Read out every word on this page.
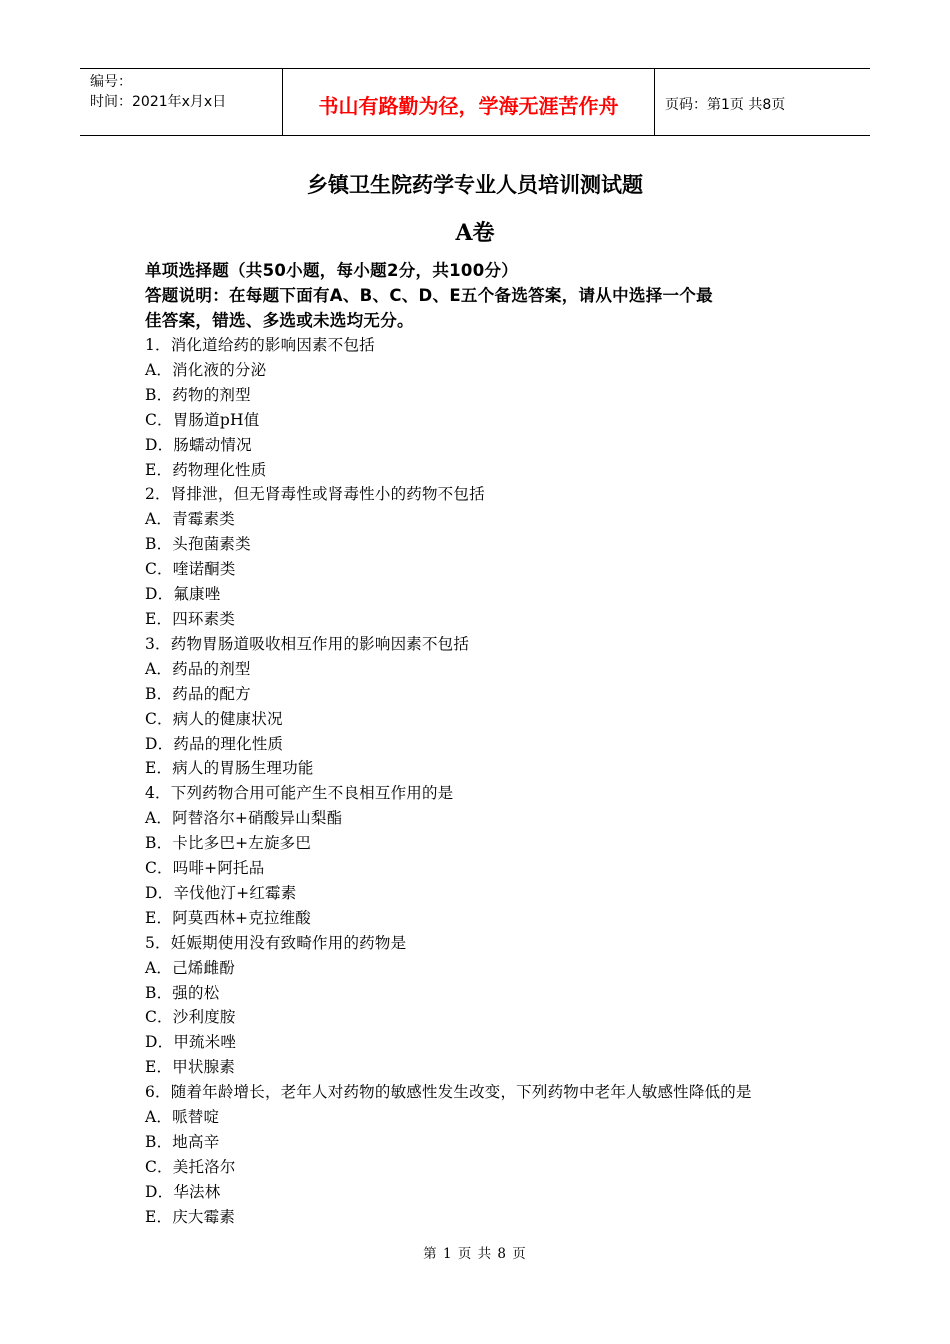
编号：
时间：2021年x月x日	书山有路勤为径，学海无涯苦作舟	页码：第1页 共8页
乡镇卫生院药学专业人员培训测试题
A卷
单项选择题（共50小题，每小题2分，共100分）
答题说明：在每题下面有A、B、C、D、E五个备选答案，请从中选择一个最
佳答案，错选、多选或未选均无分。
1．消化道给药的影响因素不包括
A．消化液的分泌
B．药物的剂型
C．胃肠道pH值
D．肠蠕动情况
E．药物理化性质
2．肾排泄，但无肾毒性或肾毒性小的药物不包括
A．青霉素类
B．头孢菌素类
C．喹诺酮类
D．氟康唑
E．四环素类
3．药物胃肠道吸收相互作用的影响因素不包括
A．药品的剂型
B．药品的配方
C．病人的健康状况
D．药品的理化性质
E．病人的胃肠生理功能
4．下列药物合用可能产生不良相互作用的是
A．阿替洛尔+硝酸异山梨酯
B．卡比多巴+左旋多巴
C．吗啡+阿托品
D．辛伐他汀+红霉素
E．阿莫西林+克拉维酸
5．妊娠期使用没有致畸作用的药物是
A．己烯雌酚
B．强的松
C．沙利度胺
D．甲巯米唑
E．甲状腺素
6．随着年龄增长，老年人对药物的敏感性发生改变，下列药物中老年人敏感性降低的是
A．哌替啶
B．地高辛
C．美托洛尔
D．华法林
E．庆大霉素
第 1 页 共 8 页
